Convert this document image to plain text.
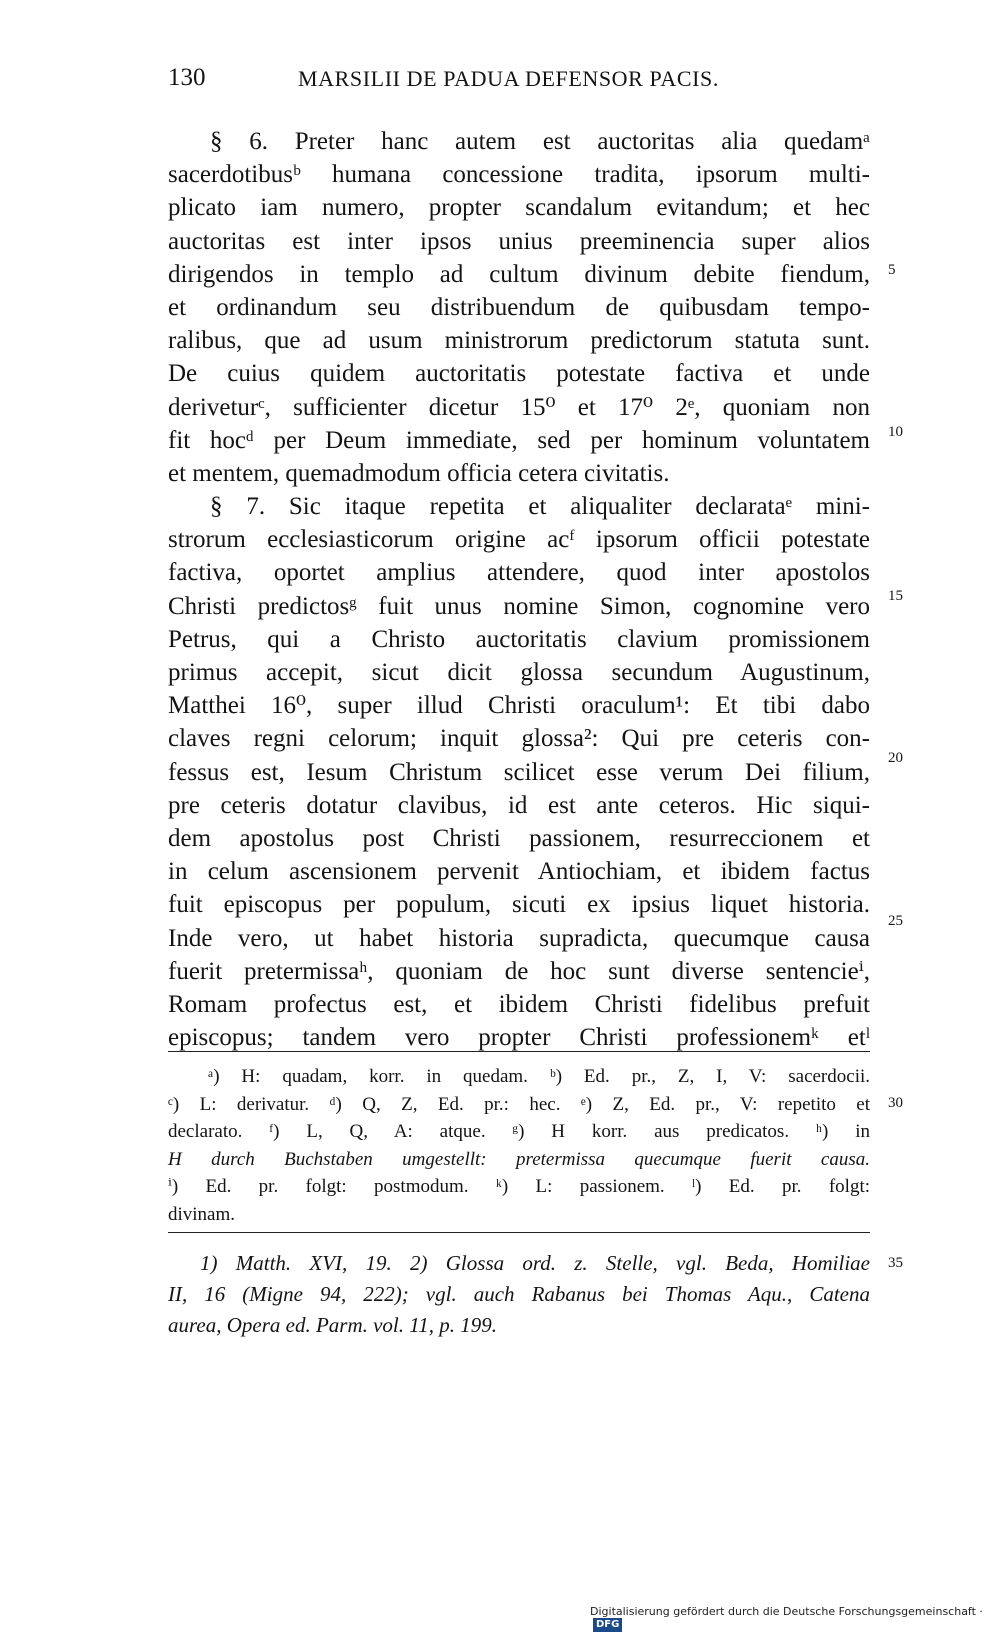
130	MARSILII DE PADUA DEFENSOR PACIS.
§ 6. Preter hanc autem est auctoritas alia quedamᵃ
sacerdotibusᵇ humana concessione tradita, ipsorum multi-
plicato iam numero, propter scandalum evitandum; et hec
auctoritas est inter ipsos unius preeminencia super alios
dirigendos in templo ad cultum divinum debite fiendum,
et ordinandum seu distribuendum de quibusdam tempo-
ralibus, que ad usum ministrorum predictorum statuta sunt.
De cuius quidem auctoritatis potestate factiva et unde
deriveturᶜ, sufficienter dicetur 15⁰ et 17⁰ 2ᵉ, quoniam non
fit hocᵈ per Deum immediate, sed per hominum voluntatem
et mentem, quemadmodum officia cetera civitatis.
§ 7. Sic itaque repetita et aliqualiter declarataᵉ mini-
strorum ecclesiasticorum origine acᶠ ipsorum officii potestate
factiva, oportet amplius attendere, quod inter apostolos
Christi predictosᵍ fuit unus nomine Simon, cognomine vero
Petrus, qui a Christo auctoritatis clavium promissionem
primus accepit, sicut dicit glossa secundum Augustinum,
Matthei 16⁰, super illud Christi oraculum¹: Et tibi dabo
claves regni celorum; inquit glossa²: Qui pre ceteris con-
fessus est, Iesum Christum scilicet esse verum Dei filium,
pre ceteris dotatur clavibus, id est ante ceteros. Hic siqui-
dem apostolus post Christi passionem, resurreccionem et
in celum ascensionem pervenit Antiochiam, et ibidem factus
fuit episcopus per populum, sicuti ex ipsius liquet historia.
Inde vero, ut habet historia supradicta, quecumque causa
fuerit pretermissaʰ, quoniam de hoc sunt diverse sentencieⁱ,
Romam profectus est, et ibidem Christi fidelibus prefuit
episcopus; tandem vero propter Christi professionemᵏ etˡ
5
10
15
20
25
30
35
ᵃ) H: quadam, korr. in quedam. ᵇ) Ed. pr., Z, I, V: sacerdocii.
ᶜ) L: derivatur. ᵈ) Q, Z, Ed. pr.: hec. ᵉ) Z, Ed. pr., V: repetito et
declarato. ᶠ) L, Q, A: atque. ᵍ) H korr. aus predicatos. ʰ) in
H durch Buchstaben umgestellt: pretermissa quecumque fuerit causa.
ⁱ) Ed. pr. folgt: postmodum. ᵏ) L: passionem. ˡ) Ed. pr. folgt:
divinam.
1) Matth. XVI, 19. 2) Glossa ord. z. Stelle, vgl. Beda, Homiliae
II, 16 (Migne 94, 222); vgl. auch Rabanus bei Thomas Aqu., Catena
aurea, Opera ed. Parm. vol. 11, p. 199.
Digitalisierung gefördert durch die Deutsche Forschungsgemeinschaft · DFG
